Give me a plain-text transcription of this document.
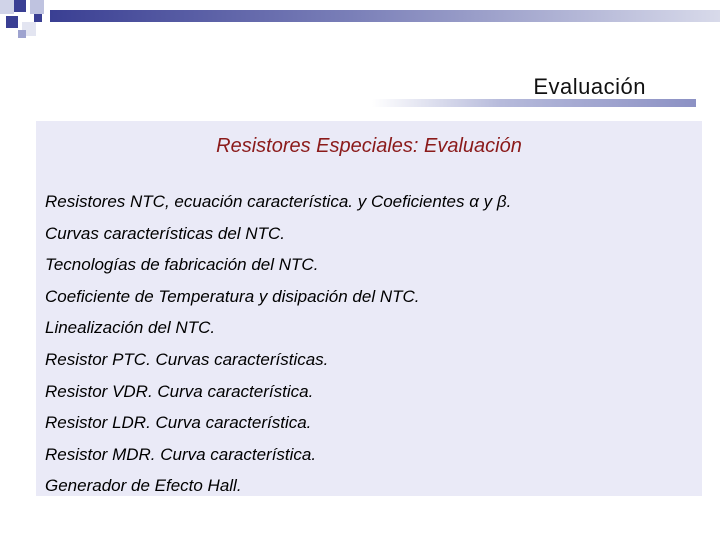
Evaluación
Resistores Especiales: Evaluación
Resistores NTC, ecuación característica. y Coeficientes α y β.
Curvas características del NTC.
Tecnologías de fabricación del NTC.
Coeficiente de Temperatura y disipación del NTC.
Linealización del NTC.
Resistor PTC. Curvas características.
Resistor VDR. Curva característica.
Resistor LDR. Curva característica.
Resistor MDR. Curva característica.
Generador de Efecto Hall.
